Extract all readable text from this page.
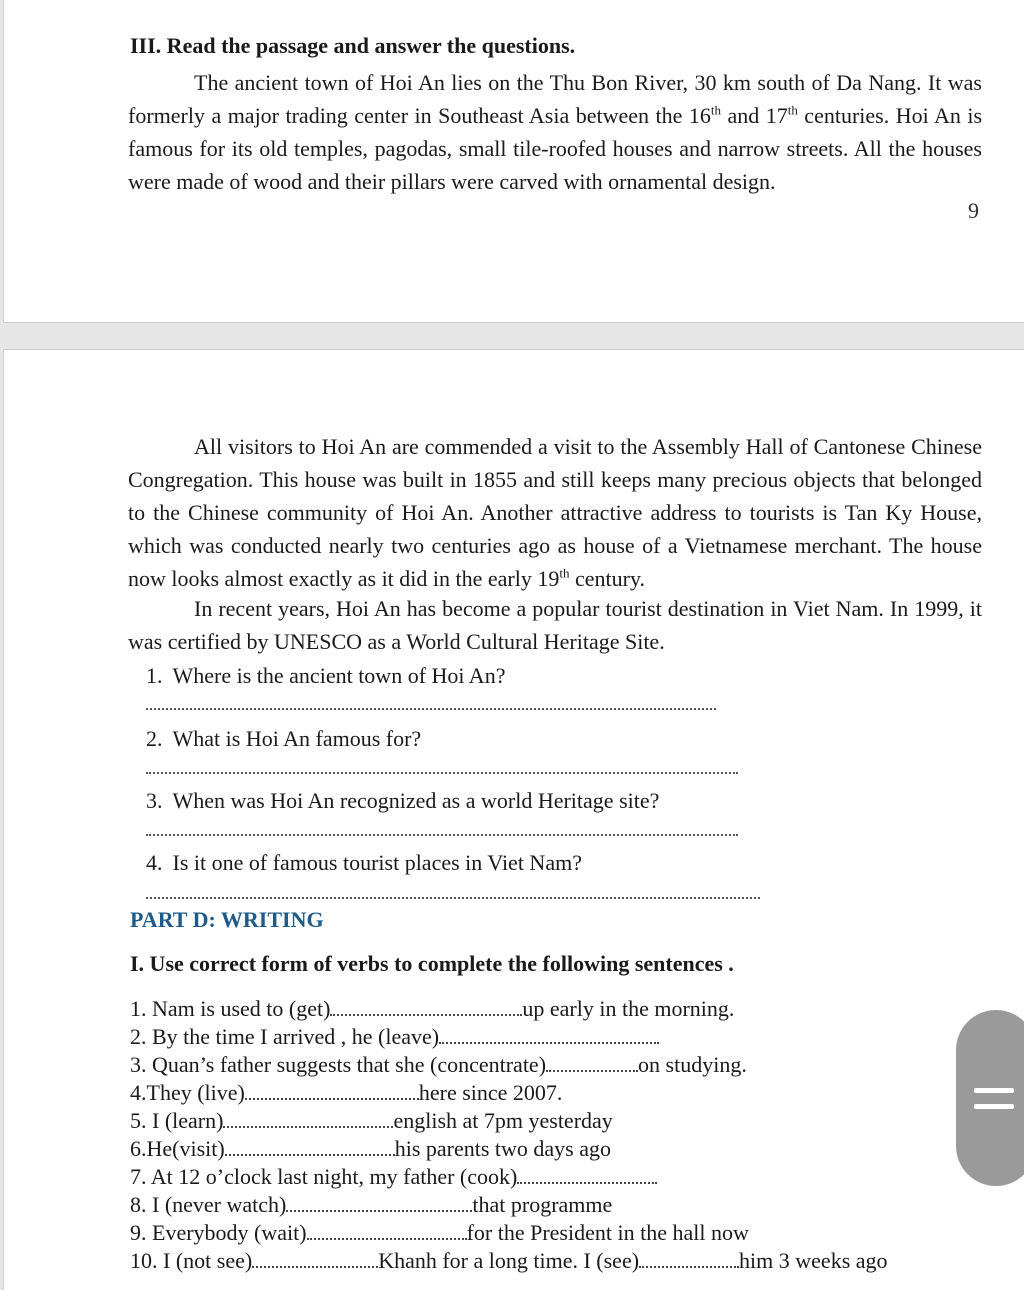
III. Read the passage and answer the questions.
The ancient town of Hoi An lies on the Thu Bon River, 30 km south of Da Nang. It was formerly a major trading center in Southeast Asia between the 16th and 17th centuries. Hoi An is famous for its old temples, pagodas, small tile-roofed houses and narrow streets. All the houses were made of wood and their pillars were carved with ornamental design.
9
All visitors to Hoi An are commended a visit to the Assembly Hall of Cantonese Chinese Congregation. This house was built in 1855 and still keeps many precious objects that belonged to the Chinese community of Hoi An. Another attractive address to tourists is Tan Ky House, which was conducted nearly two centuries ago as house of a Vietnamese merchant. The house now looks almost exactly as it did in the early 19th century.
In recent years, Hoi An has become a popular tourist destination in Viet Nam. In 1999, it was certified by UNESCO as a World Cultural Heritage Site.
1. Where is the ancient town of Hoi An?
2. What is Hoi An famous for?
3. When was Hoi An recognized as a world Heritage site?
4. Is it one of famous tourist places in Viet Nam?
PART D: WRITING
I. Use correct form of verbs to complete the following sentences .
1. Nam is used to (get)	up early in the morning.
2. By the time I arrived , he (leave)
3. Quan’s father suggests that she (concentrate)	on studying.
4.They (live)	here since 2007.
5. I (learn)	english at 7pm yesterday
6.He(visit)	his parents two days ago
7. At 12 o’clock last night, my father (cook)
8. I (never watch)	that programme
9. Everybody (wait)	for the President in the hall now
10. I (not see)	Khanh for a long time. I (see)	him 3 weeks ago
